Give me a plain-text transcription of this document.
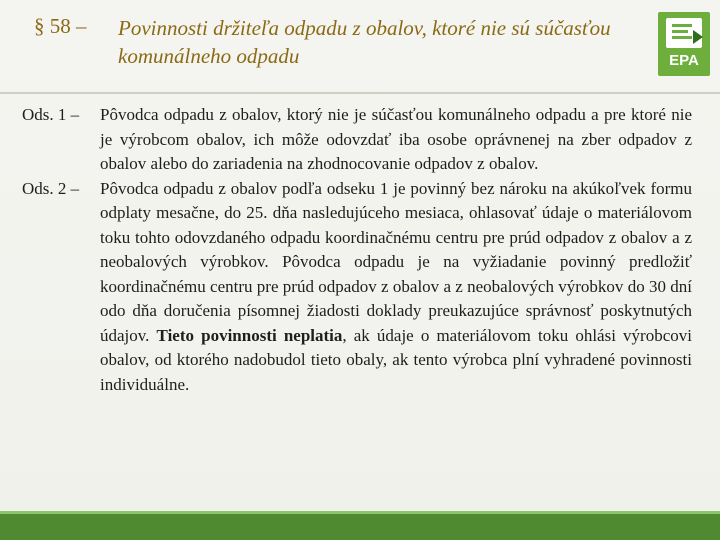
§ 58 – Povinnosti držiteľa odpadu z obalov, ktoré nie sú súčasťou komunálneho odpadu	EPA
Ods. 1 – Pôvodca odpadu z obalov, ktorý nie je súčasťou komunálneho odpadu a pre ktoré nie je výrobcom obalov, ich môže odovzdať iba osobe oprávnenej na zber odpadov z obalov alebo do zariadenia na zhodnocovanie odpadov z obalov.
Ods. 2 – Pôvodca odpadu z obalov podľa odseku 1 je povinný bez nároku na akúkoľvek formu odplaty mesačne, do 25. dňa nasledujúceho mesiaca, ohlasovať údaje o materiálovom toku tohto odovzdaného odpadu koordinačnému centru pre prúd odpadov z obalov a z neobalových výrobkov. Pôvodca odpadu je na vyžiadanie povinný predložiť koordinačnému centru pre prúd odpadov z obalov a z neobalových výrobkov do 30 dní odo dňa doručenia písomnej žiadosti doklady preukazujúce správnosť poskytnutých údajov. Tieto povinnosti neplatia, ak údaje o materiálovom toku ohlási výrobcovi obalov, od ktorého nadobudol tieto obaly, ak tento výrobca plní vyhradené povinnosti individuálne.
